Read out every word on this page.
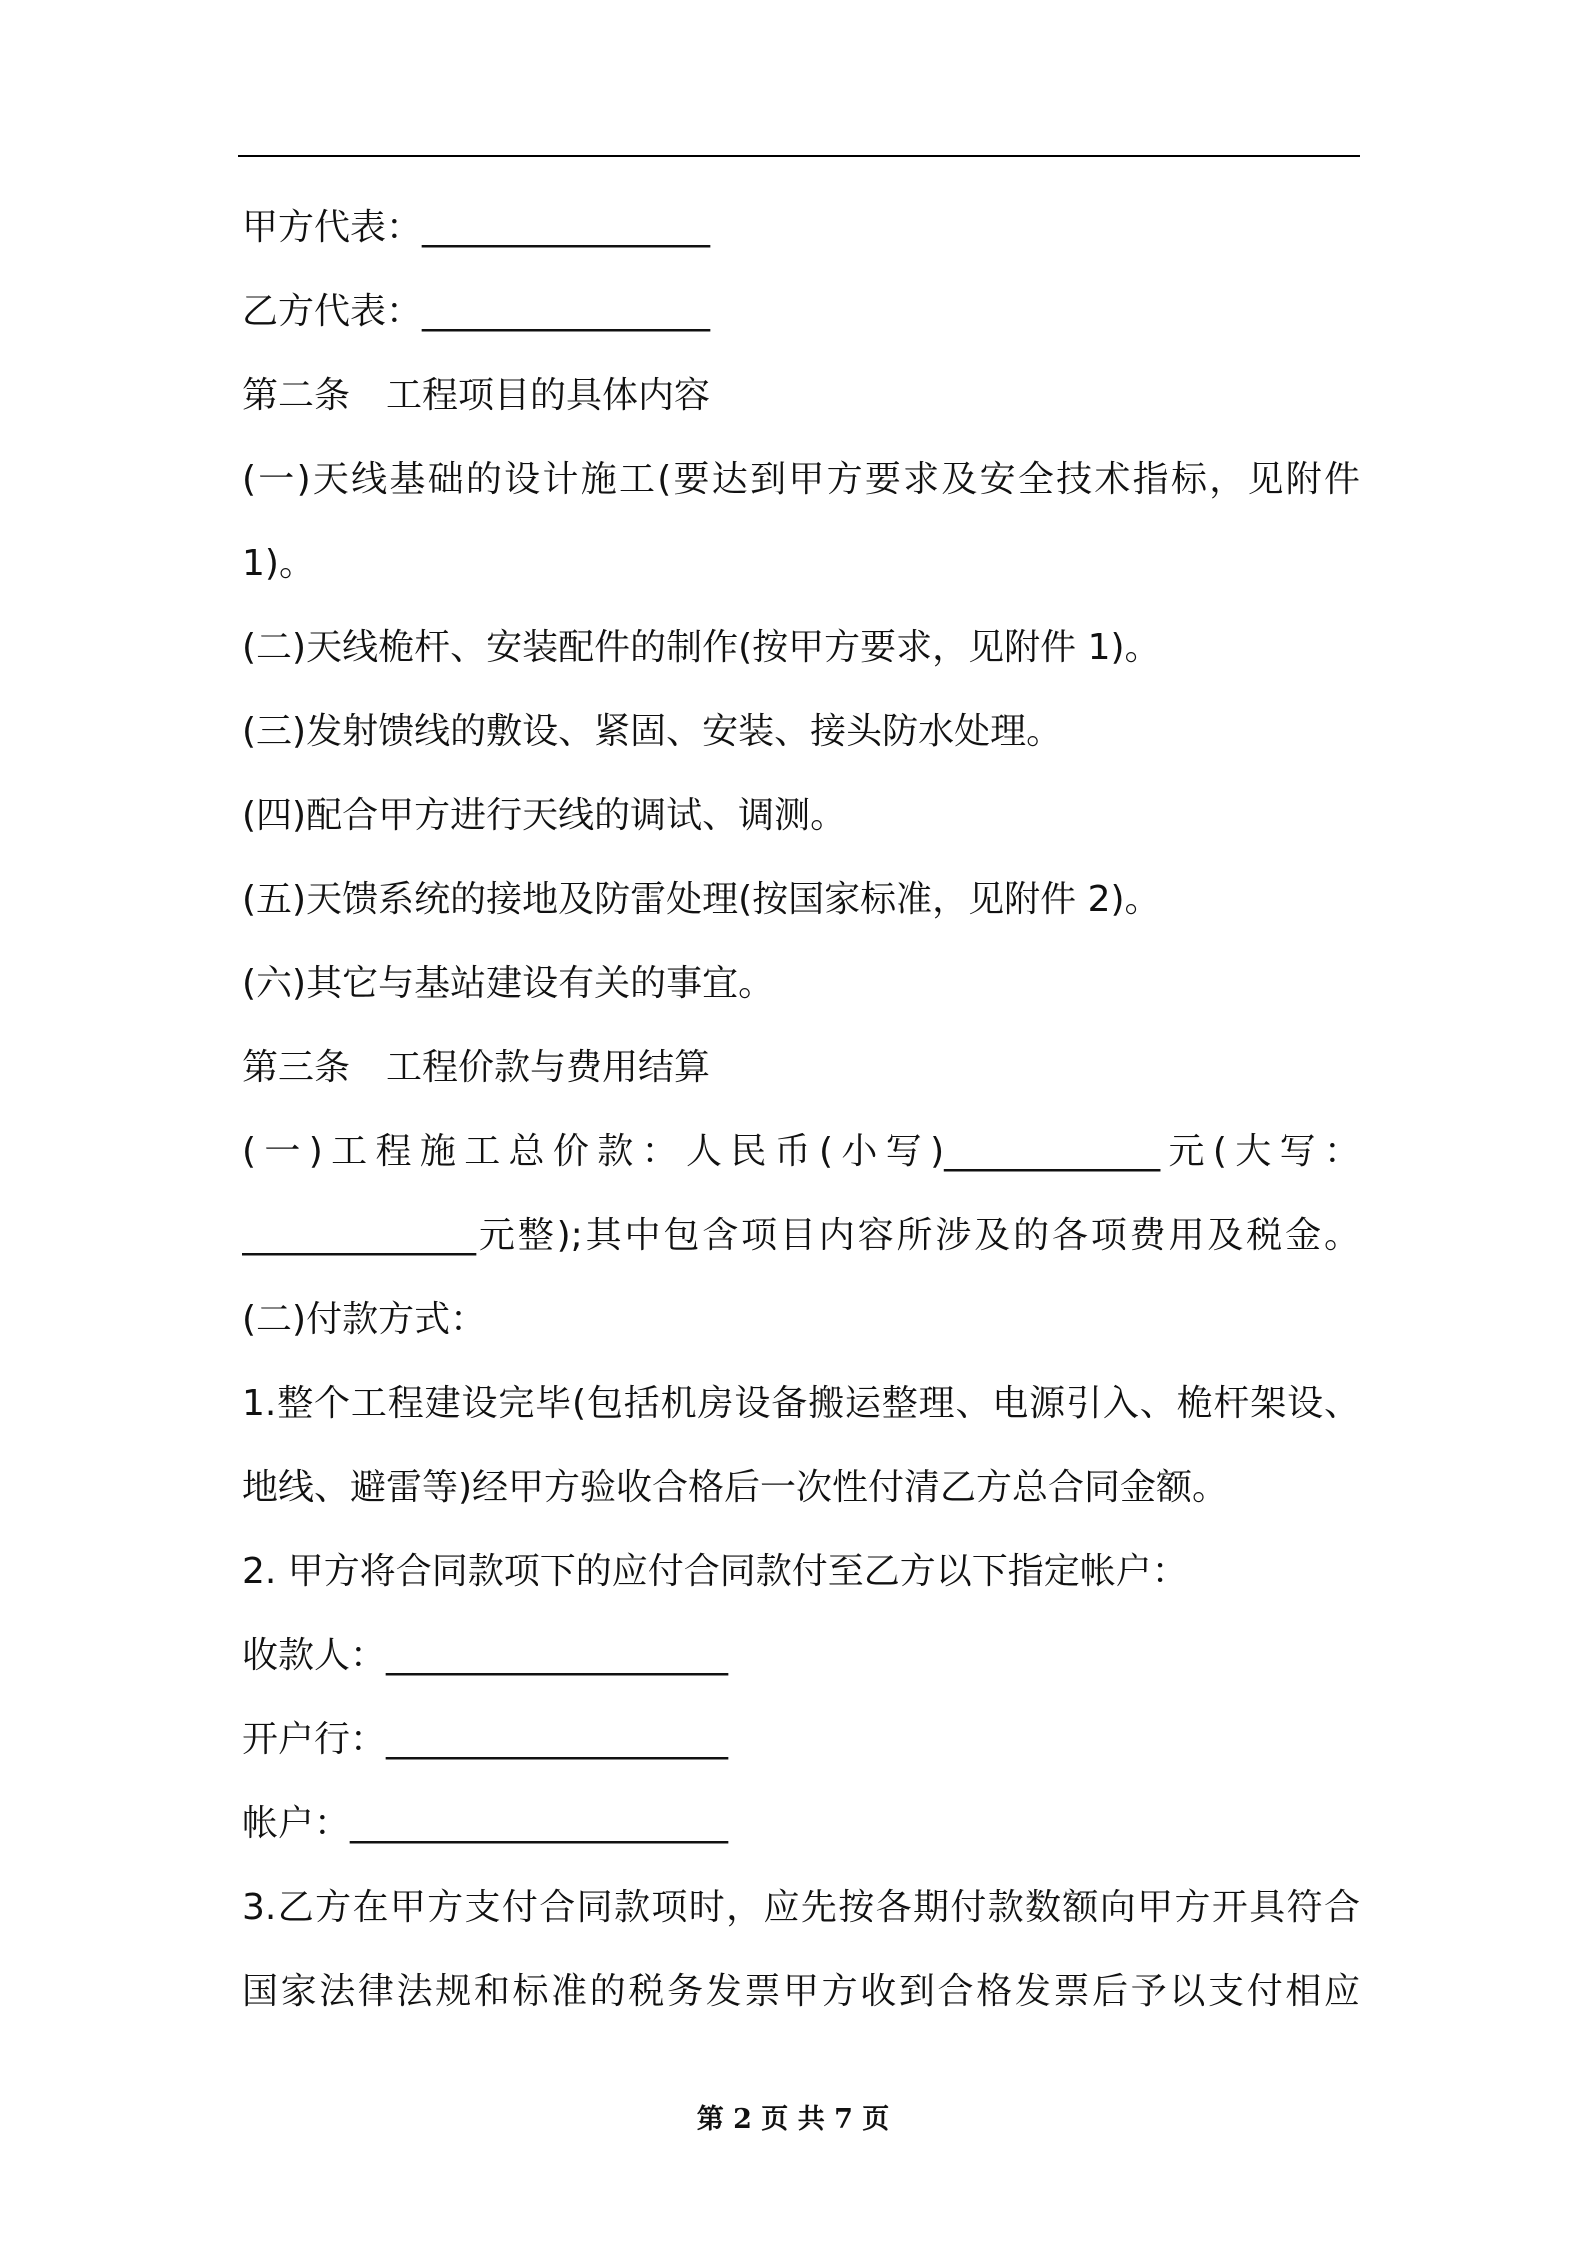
甲方代表：________________
乙方代表：________________
第二条　工程项目的具体内容
(一)天线基础的设计施工(要达到甲方要求及安全技术指标，见附件
1)。
(二)天线桅杆、安装配件的制作(按甲方要求，见附件 1)。
(三)发射馈线的敷设、紧固、安装、接头防水处理。
(四)配合甲方进行天线的调试、调测。
(五)天馈系统的接地及防雷处理(按国家标准，见附件 2)。
(六)其它与基站建设有关的事宜。
第三条　工程价款与费用结算
(一)工程施工总价款：人民币(小写)____________元(大写：
_____________元整);其中包含项目内容所涉及的各项费用及税金。
(二)付款方式：
1.整个工程建设完毕(包括机房设备搬运整理、电源引入、桅杆架设、
地线、避雷等)经甲方验收合格后一次性付清乙方总合同金额。
2. 甲方将合同款项下的应付合同款付至乙方以下指定帐户：
收款人：___________________
开户行：___________________
帐户：_____________________
3.乙方在甲方支付合同款项时，应先按各期付款数额向甲方开具符合
国家法律法规和标准的税务发票甲方收到合格发票后予以支付相应
第 2 页 共 7 页
